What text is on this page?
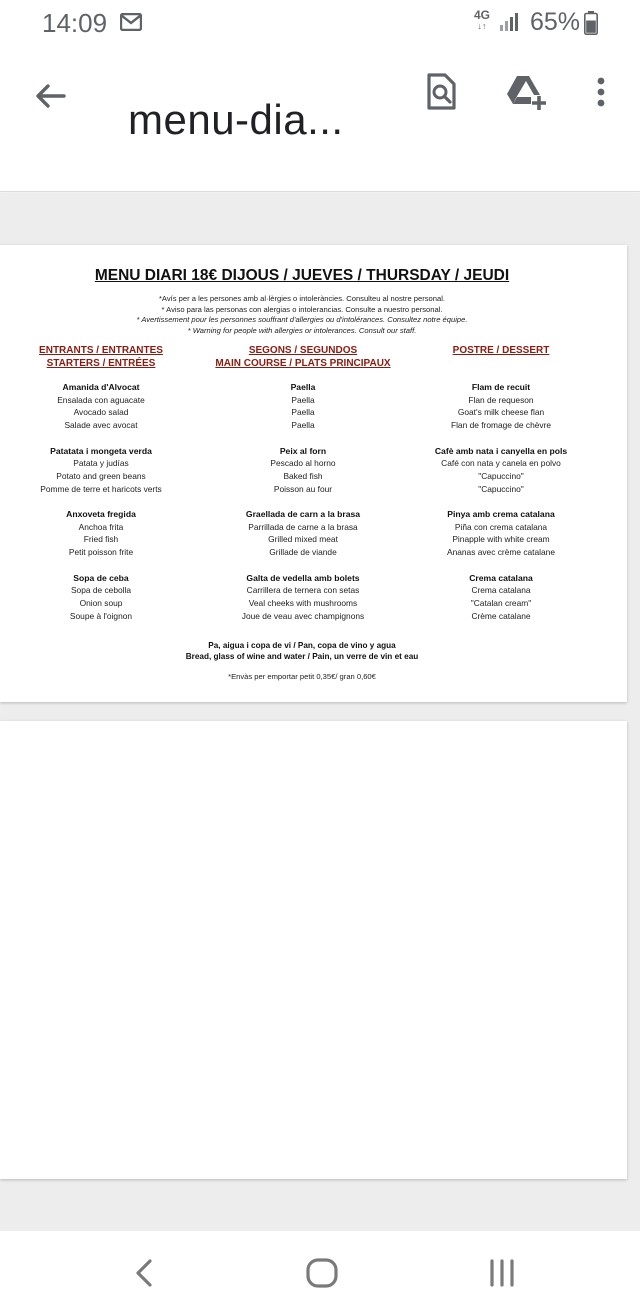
14:09	4G
↓↑ 65%
menu-dia...
MENU DIARI 18€ DIJOUS / JUEVES / THURSDAY / JEUDI
*Avís per a les persones amb al·lèrgies o intoleràncies. Consulteu al nostre personal.
* Aviso para las personas con alergias o intolerancias. Consulte a nuestro personal.
* Avertissement pour les personnes souffrant d'allergies ou d'intolérances. Consultez notre équipe.
* Warning for people with allergies or intolerances. Consult our staff.
ENTRANTS / ENTRANTES
STARTERS / ENTRÉES
Amanida d'Alvocat
Ensalada con aguacate
Avocado salad
Salade avec avocat
Patatata i mongeta verda
Patata y judías
Potato and green beans
Pomme de terre et haricots verts
Anxoveta fregida
Anchoa frita
Fried fish
Petit poisson frite
Sopa de ceba
Sopa de cebolla
Onion soup
Soupe à l'oignon
SEGONS / SEGUNDOS
MAIN COURSE / PLATS PRINCIPAUX
Paella
Paella
Paella
Paella
Peix al forn
Pescado al horno
Baked fish
Poisson au four
Graellada de carn a la brasa
Parrillada de carne a la brasa
Grilled mixed meat
Grillade de viande
Galta de vedella amb bolets
Carrillera de ternera con setas
Veal cheeks with mushrooms
Joue de veau avec champignons
POSTRE / DESSERT
Flam de recuit
Flan de requeson
Goat's milk cheese flan
Flan de fromage de chèvre
Cafè amb nata i canyella en pols
Café con nata y canela en polvo
"Capuccino"
"Capuccino"
Pinya amb crema catalana
Piña con crema catalana
Pinapple with white cream
Ananas avec crème catalane
Crema catalana
Crema catalana
"Catalan cream"
Crème catalane
Pa, aigua i copa de vi / Pan, copa de vino y agua
Bread, glass of wine and water / Pain, un verre de vin et eau
*Envàs per emportar petit 0,35€/ gran 0,60€
